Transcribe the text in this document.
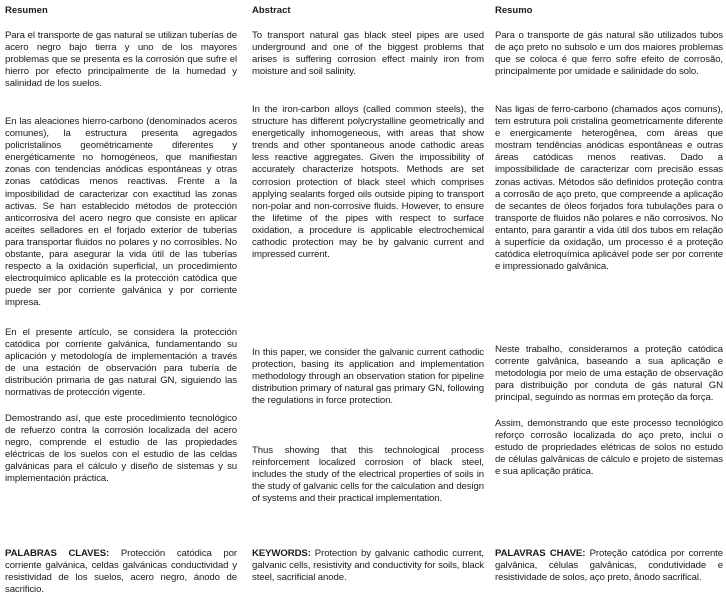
Resumen

Para el transporte de gas natural se utilizan tuberías de acero negro bajo tierra y uno de los mayores problemas que se presenta es la corrosión que sufre el hierro por efecto principalmente de la humedad y salinidad de los suelos.

En las aleaciones hierro-carbono (denominados aceros comunes), la estructura presenta agregados policristalinos geométricamente diferentes y energéticamente no homogéneos, que manifiestan zonas con tendencias anódicas espontáneas y otras zonas catódicas menos reactivas. Frente a la imposibilidad de caracterizar con exactitud las zonas activas. Se han establecido métodos de protección anticorrosiva del acero negro que consiste en aplicar aceites selladores en el forjado exterior de tuberías para transportar fluidos no polares y no corrosibles. No obstante, para asegurar la vida útil de las tuberías respecto a la oxidación superficial, un procedimiento electroquímico aplicable es la protección catódica que puede ser por corriente galvánica y por corriente impresa.

En el presente artículo, se considera la protección catódica por corriente galvánica, fundamentando su aplicación y metodología de implementación a través de una estación de observación para tubería de distribución primaria de gas natural GN, siguiendo las normativas de protección vigente.

Demostrando así, que este procedimiento tecnológico de refuerzo contra la corrosión localizada del acero negro, comprende el estudio de las propiedades eléctricas de los suelos con el estudio de las celdas galvánicas para el cálculo y diseño de sistemas y su implementación práctica.

PALABRAS CLAVES: Protección catódica por corriente galvánica, celdas galvánicas conductividad y resistividad de los suelos, acero negro, ánodo de sacrificio.

Abstract

To transport natural gas black steel pipes are used underground and one of the biggest problems that arises is suffering corrosion effect mainly iron from moisture and soil salinity.

In the iron-carbon alloys (called common steels), the structure has different polycrystalline geometrically and energetically inhomogeneous, with areas that show trends and other spontaneous anode cathodic areas less reactive aggregates. Given the impossibility of accurately characterize hotspots. Methods are set corrosion protection of black steel which comprises applying sealants forged oils outside piping to transport non-polar and non-corrosive fluids. However, to ensure the lifetime of the pipes with respect to surface oxidation, a procedure is applicable electrochemical cathodic protection may be by galvanic current and impressed current.

In this paper, we consider the galvanic current cathodic protection, basing its application and implementation methodology through an observation station for pipeline distribution primary of natural gas primary GN, following the regulations in force protection.

Thus showing that this technological process reinforcement localized corrosion of black steel, includes the study of the electrical properties of soils in the study of galvanic cells for the calculation and design of systems and their practical implementation.

KEYWORDS: Protection by galvanic cathodic current, galvanic cells, resistivity and conductivity for soils, black steel, sacrificial anode.

Resumo

Para o transporte de gás natural são utilizados tubos de aço preto no subsolo e um dos maiores problemas que se coloca é que ferro sofre efeito de corrosão, principalmente por umidade e salinidade do solo.

Nas ligas de ferro-carbono (chamados aços comuns), tem estrutura poli cristalina geometricamente diferente e energicamente heterogênea, com áreas que mostram tendências anódicas espontâneas e outras áreas catódicas menos reativas. Dado a impossibilidade de caracterizar com precisão essas zonas activas. Métodos são definidos proteção contra a corrosão de aço preto, que compreende a aplicação de secantes de óleos forjados fora tubulações para o transporte de fluidos não polares e não corrosivos. No entanto, para garantir a vida útil dos tubos em relação à superfície da oxidação, um processo é a proteção catódica eletroquímica aplicável pode ser por corrente e impressionado galvânica.

Neste trabalho, consideramos a proteção catódica corrente galvânica, baseando a sua aplicação e metodologia por meio de uma estação de observação para distribuição por conduta de gás natural GN principal, seguindo as normas em proteção da força.

Assim, demonstrando que este processo tecnológico reforço corrosão localizada do aço preto, inclui o estudo de propriedades elétricas de solos no estudo de células galvânicas de cálculo e projeto de sistemas e sua aplicação prática.

PALAVRAS CHAVE: Proteção catódica por corrente galvânica, células galvânicas, condutividade e resistividade de solos, aço preto, ânodo sacrifical.
